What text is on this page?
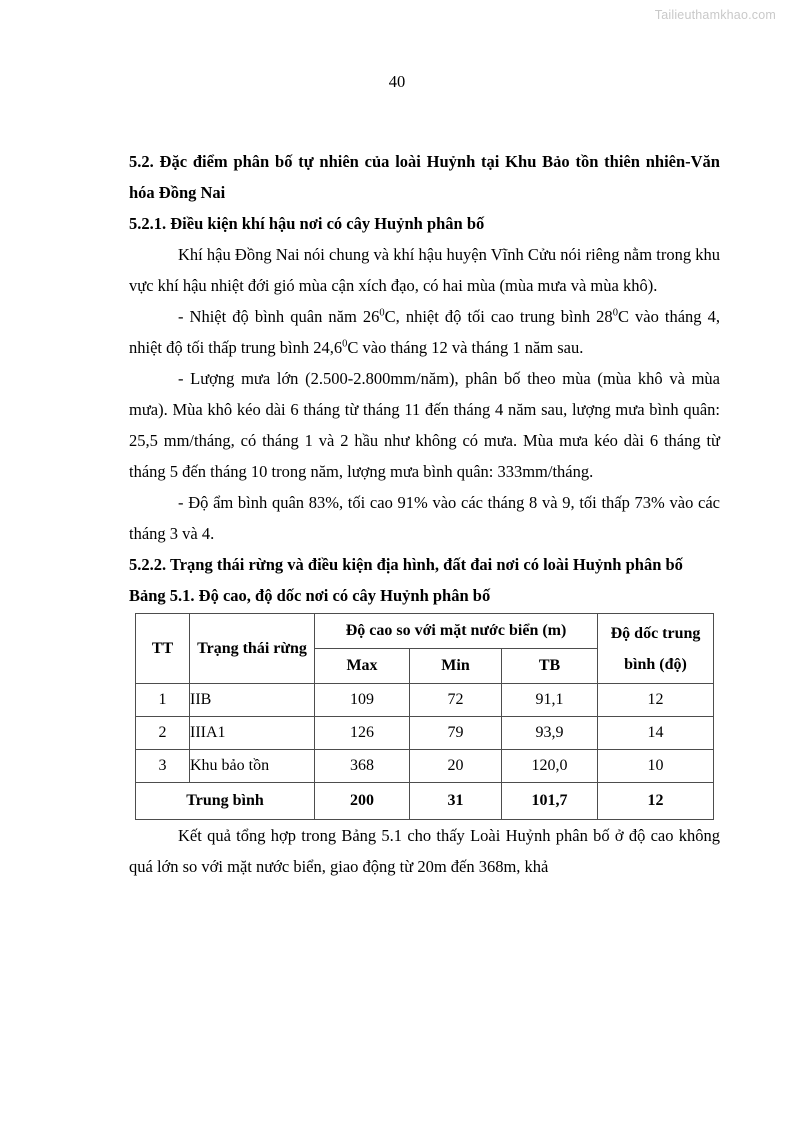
Tailieuthamkhao.com
40
5.2. Đặc điểm phân bố tự nhiên của loài Huỷnh tại Khu Bảo tồn thiên nhiên-Văn hóa Đồng Nai
5.2.1. Điều kiện khí hậu nơi có cây Huỷnh phân bố

Khí hậu Đồng Nai nói chung và khí hậu huyện Vĩnh Cửu nói riêng nằm trong khu vực khí hậu nhiệt đới gió mùa cận xích đạo, có hai mùa (mùa mưa và mùa khô).

- Nhiệt độ bình quân năm $26^0C$, nhiệt độ tối cao trung bình $28^0C$ vào tháng 4, nhiệt độ tối thấp trung bình 24,6$^0$C vào tháng 12 và tháng 1 năm sau.

- Lượng mưa lớn (2.500-2.800mm/năm), phân bố theo mùa (mùa khô và mùa mưa). Mùa khô kéo dài 6 tháng từ tháng 11 đến tháng 4 năm sau, lượng mưa bình quân: 25,5 mm/tháng, có tháng 1 và 2 hầu như không có mưa. Mùa mưa kéo dài 6 tháng từ tháng 5 đến tháng 10 trong năm, lượng mưa bình quân: 333mm/tháng.

- Độ ẩm bình quân 83%, tối cao 91% vào các tháng 8 và 9, tối thấp 73% vào các tháng 3 và 4.

5.2.2. Trạng thái rừng và điều kiện địa hình, đất đai nơi có loài Huỷnh phân bố
Bảng 5.1. Độ cao, độ dốc nơi có cây Huỷnh phân bố
TT	Trạng thái rừng	Độ cao so với mặt nước biển (m)			Độ dốc trung bình (độ)
		Max	Min	TB	
1	IIB	109	72	91,1	12
2	IIIA1	126	79	93,9	14
3	Khu bảo tồn	368	20	120,0	10
Trung bình		200	31	101,7	12

Kết quả tổng hợp trong Bảng 5.1 cho thấy Loài Huỷnh phân bố ở độ cao không quá lớn so với mặt nước biển, giao động từ 20m đến 368m, khả
